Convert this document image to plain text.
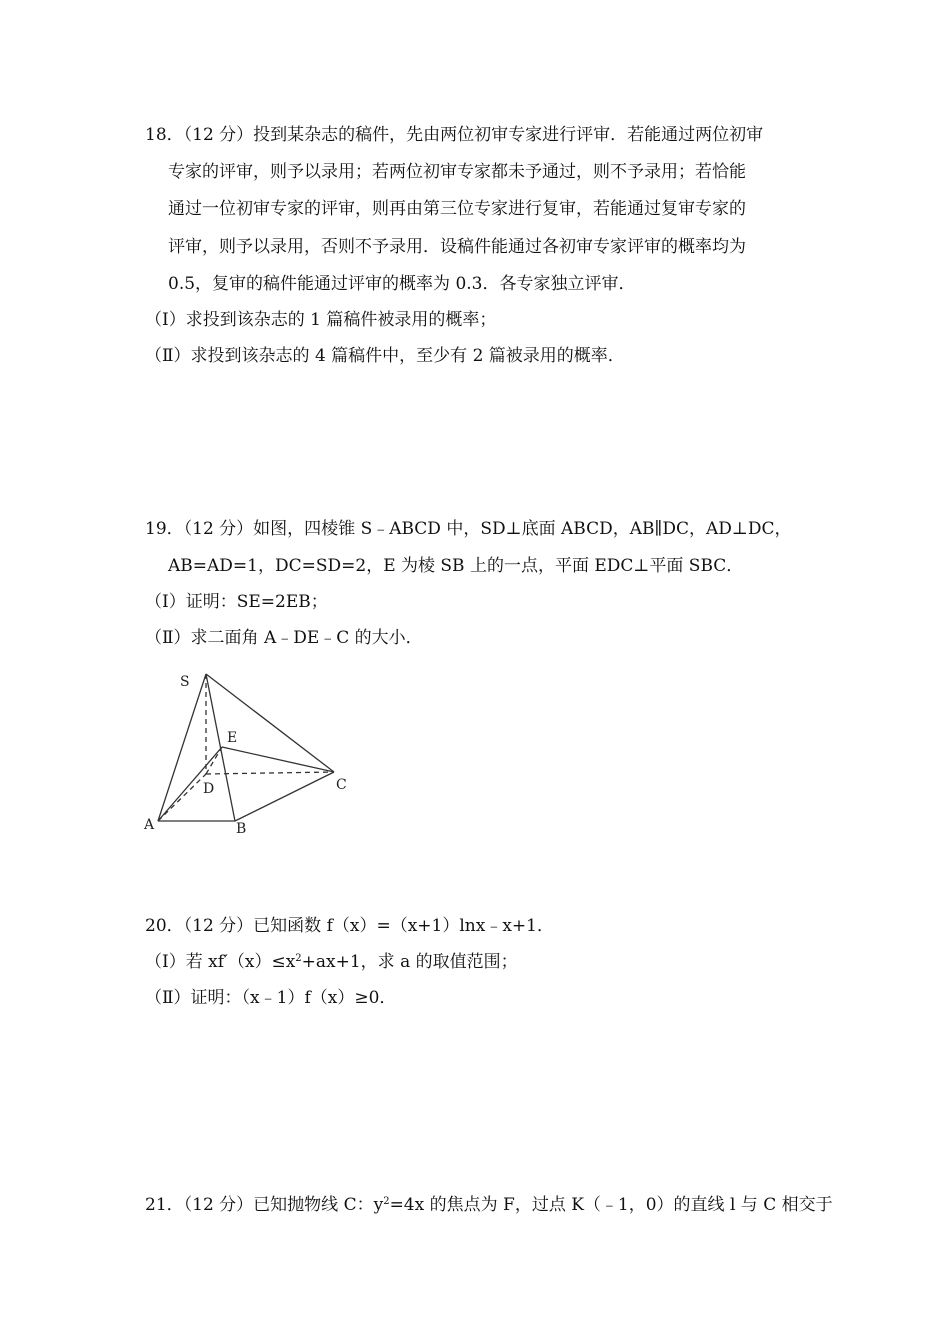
18．（12 分）投到某杂志的稿件，先由两位初审专家进行评审．若能通过两位初审
专家的评审，则予以录用；若两位初审专家都未予通过，则不予录用；若恰能
通过一位初审专家的评审，则再由第三位专家进行复审，若能通过复审专家的
评审，则予以录用，否则不予录用．设稿件能通过各初审专家评审的概率均为
0.5，复审的稿件能通过评审的概率为 0.3．各专家独立评审．
（Ⅰ）求投到该杂志的 1 篇稿件被录用的概率；
（Ⅱ）求投到该杂志的 4 篇稿件中，至少有 2 篇被录用的概率．
19．（12 分）如图，四棱锥 S﹣ABCD 中，SD⊥底面 ABCD，AB∥DC，AD⊥DC，
AB=AD=1，DC=SD=2，E 为棱 SB 上的一点，平面 EDC⊥平面 SBC．
（Ⅰ）证明：SE=2EB；
（Ⅱ）求二面角 A﹣DE﹣C 的大小．
S
E
D	C
A	B
20．（12 分）已知函数 f（x）=（x+1）lnx﹣x+1．
（Ⅰ）若 $xf'(x)\le x^2+ax+1$，求 a 的取值范围；
（Ⅱ）证明：（x﹣1）f（x）≥0．
21．（12 分）已知抛物线 C：$y^2=4x$ 的焦点为 F，过点 K（﹣1，0）的直线 l 与 C 相交于
